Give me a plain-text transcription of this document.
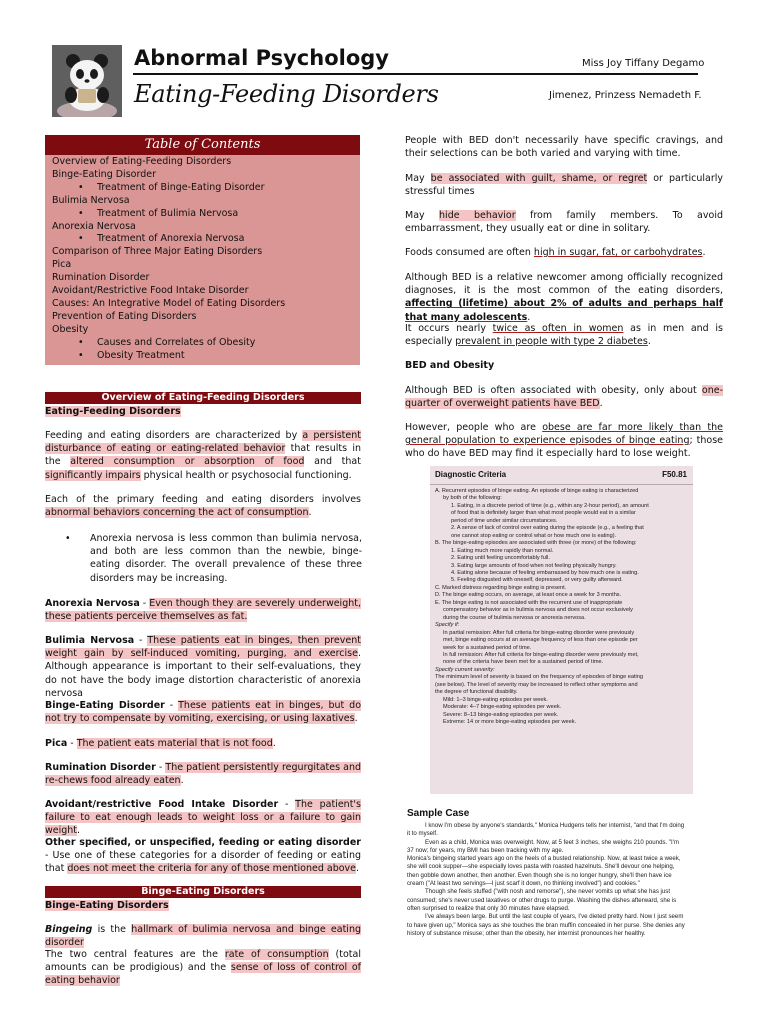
Abnormal Psychology
Eating-Feeding Disorders
Miss Joy Tiffany Degamo
Jimenez, Prinzess Nemadeth F.
Table of Contents
Overview of Eating-Feeding Disorders
Binge-Eating Disorder
• Treatment of Binge-Eating Disorder
Bulimia Nervosa
• Treatment of Bulimia Nervosa
Anorexia Nervosa
• Treatment of Anorexia Nervosa
Comparison of Three Major Eating Disorders
Pica
Rumination Disorder
Avoidant/Restrictive Food Intake Disorder
Causes: An Integrative Model of Eating Disorders
Prevention of Eating Disorders
Obesity
• Causes and Correlates of Obesity
• Obesity Treatment
Overview of Eating-Feeding Disorders
Eating-Feeding Disorders

Feeding and eating disorders are characterized by a persistent disturbance of eating or eating-related behavior that results in the altered consumption or absorption of food and that significantly impairs physical health or psychosocial functioning.

Each of the primary feeding and eating disorders involves abnormal behaviors concerning the act of consumption.

• Anorexia nervosa is less common than bulimia nervosa, and both are less common than the newbie, binge-eating disorder. The overall prevalence of these three disorders may be increasing.

Anorexia Nervosa - Even though they are severely underweight, these patients perceive themselves as fat.

Bulimia Nervosa - These patients eat in binges, then prevent weight gain by self-induced vomiting, purging, and exercise. Although appearance is important to their self-evaluations, they do not have the body image distortion characteristic of anorexia nervosa

Binge-Eating Disorder - These patients eat in binges, but do not try to compensate by vomiting, exercising, or using laxatives.

Pica - The patient eats material that is not food.

Rumination Disorder - The patient persistently regurgitates and re-chews food already eaten.

Avoidant/restrictive Food Intake Disorder - The patient's failure to eat enough leads to weight loss or a failure to gain weight.

Other specified, or unspecified, feeding or eating disorder - Use one of these categories for a disorder of feeding or eating that does not meet the criteria for any of those mentioned above.

Binge-Eating Disorders
Binge-Eating Disorders

Bingeing is the hallmark of bulimia nervosa and binge eating disorder

The two central features are the rate of consumption (total amounts can be prodigious) and the sense of loss of control of eating behavior

People with BED don't necessarily have specific cravings, and their selections can be both varied and varying with time.

May be associated with guilt, shame, or regret or particularly stressful times

May hide behavior from family members. To avoid embarrassment, they usually eat or dine in solitary.

Foods consumed are often high in sugar, fat, or carbohydrates.

Although BED is a relative newcomer among officially recognized diagnoses, it is the most common of the eating disorders, affecting (lifetime) about 2% of adults and perhaps half that many adolescents.

It occurs nearly twice as often in women as in men and is especially prevalent in people with type 2 diabetes.

BED and Obesity

Although BED is often associated with obesity, only about one-quarter of overweight patients have BED.

However, people who are obese are far more likely than the general population to experience episodes of binge eating; those who do have BED may find it especially hard to lose weight.

Diagnostic Criteria	F50.81
A. Recurrent episodes of binge eating. An episode of binge eating is characterized
by both of the following:
1. Eating, in a discrete period of time (e.g., within any 2-hour period), an amount
of food that is definitely larger than what most people would eat in a similar
period of time under similar circumstances.
2. A sense of lack of control over eating during the episode (e.g., a feeling that
one cannot stop eating or control what or how much one is eating).
B. The binge-eating episodes are associated with three (or more) of the following:
1. Eating much more rapidly than normal.
2. Eating until feeling uncomfortably full.
3. Eating large amounts of food when not feeling physically hungry.
4. Eating alone because of feeling embarrassed by how much one is eating.
5. Feeling disgusted with oneself, depressed, or very guilty afterward.
C. Marked distress regarding binge eating is present.
D. The binge eating occurs, on average, at least once a week for 3 months.
E. The binge eating is not associated with the recurrent use of inappropriate
compensatory behavior as in bulimia nervosa and does not occur exclusively
during the course of bulimia nervosa or anorexia nervosa.
Specify if:
In partial remission: After full criteria for binge-eating disorder were previously
met, binge eating occurs at an average frequency of less than one episode per
week for a sustained period of time.
In full remission: After full criteria for binge-eating disorder were previously met,
none of the criteria have been met for a sustained period of time.
Specify current severity:
The minimum level of severity is based on the frequency of episodes of binge eating
(see below). The level of severity may be increased to reflect other symptoms and
the degree of functional disability.
Mild: 1–3 binge-eating episodes per week.
Moderate: 4–7 binge-eating episodes per week.
Severe: 8–13 binge-eating episodes per week.
Extreme: 14 or more binge-eating episodes per week.
Sample Case
I know I'm obese by anyone's standards," Monica Hudgens tells her internist, "and that I'm doing
it to myself.
Even as a child, Monica was overweight. Now, at 5 feet 3 inches, she weighs 210 pounds. "I'm
37 now; for years, my BMI has been tracking with my age.
Monica's bingeing started years ago on the heels of a busted relationship. Now, at least twice a week,
she will cook supper—she especially loves pasta with roasted hazelnuts. She'll devour one helping,
then gobble down another, then another. Even though she is no longer hungry, she'll then have ice
cream ("At least two servings—I just scarf it down, no thinking involved") and cookies."
Though she feels stuffed ("with nosh and remorse"), she never vomits up what she has just
consumed; she's never used laxatives or other drugs to purge. Washing the dishes afterward, she is
often surprised to realize that only 30 minutes have elapsed.
I've always been large. But until the last couple of years, I've dieted pretty hard. Now I just seem
to have given up," Monica says as she touches the bran muffin concealed in her purse. She denies any
history of substance misuse; other than the obesity, her internist pronounces her healthy.
